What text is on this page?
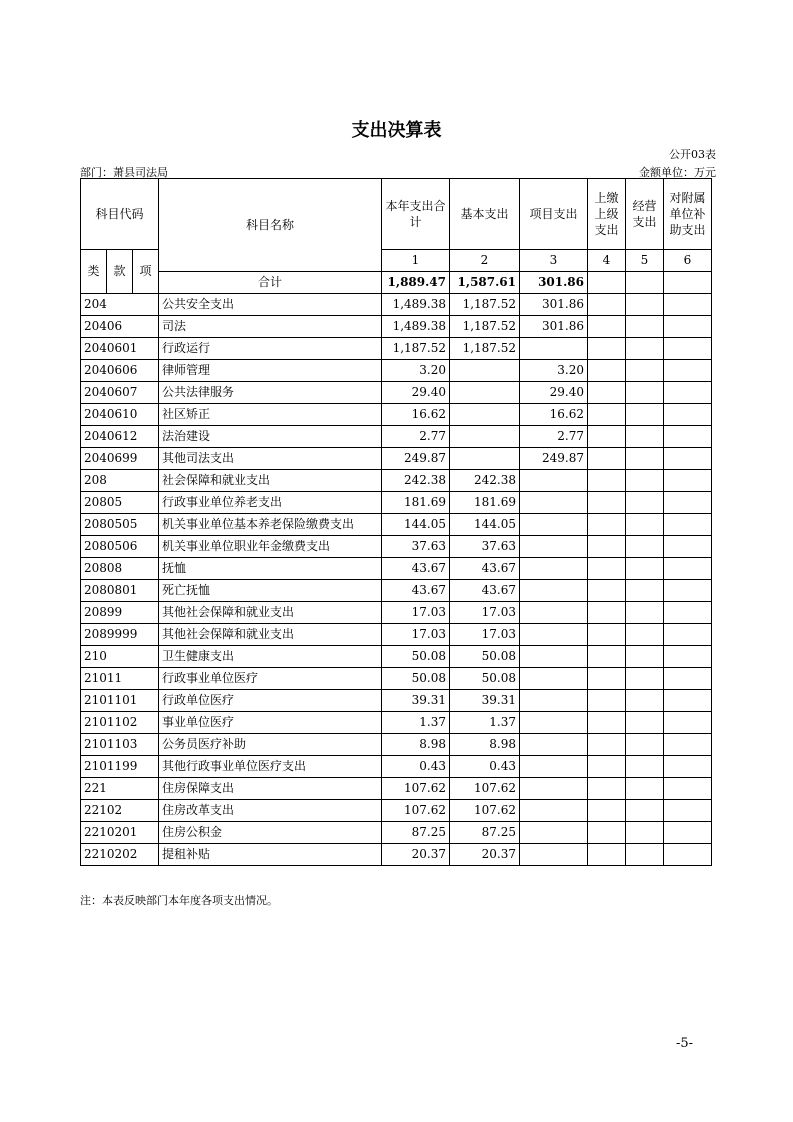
支出决算表
公开03表
部门：萧县司法局	金额单位：万元
科目代码			科目名称	本年支出合计	基本支出	项目支出	上缴上级支出	经营支出	对附属单位补助支出
类	款	项		1	2	3	4	5	6
			合计	1,889.47	1,587.61	301.86			
204			公共安全支出	1,489.38	1,187.52	301.86			
20406			司法	1,489.38	1,187.52	301.86			
2040601			行政运行	1,187.52	1,187.52				
2040606			律师管理	3.20		3.20			
2040607			公共法律服务	29.40		29.40			
2040610			社区矫正	16.62		16.62			
2040612			法治建设	2.77		2.77			
2040699			其他司法支出	249.87		249.87			
208			社会保障和就业支出	242.38	242.38				
20805			行政事业单位养老支出	181.69	181.69				
2080505			机关事业单位基本养老保险缴费支出	144.05	144.05				
2080506			机关事业单位职业年金缴费支出	37.63	37.63				
20808			抚恤	43.67	43.67				
2080801			死亡抚恤	43.67	43.67				
20899			其他社会保障和就业支出	17.03	17.03				
2089999			其他社会保障和就业支出	17.03	17.03				
210			卫生健康支出	50.08	50.08				
21011			行政事业单位医疗	50.08	50.08				
2101101			行政单位医疗	39.31	39.31				
2101102			事业单位医疗	1.37	1.37				
2101103			公务员医疗补助	8.98	8.98				
2101199			其他行政事业单位医疗支出	0.43	0.43				
221			住房保障支出	107.62	107.62				
22102			住房改革支出	107.62	107.62				
2210201			住房公积金	87.25	87.25				
2210202			提租补贴	20.37	20.37				
注：本表反映部门本年度各项支出情况。
-5-
